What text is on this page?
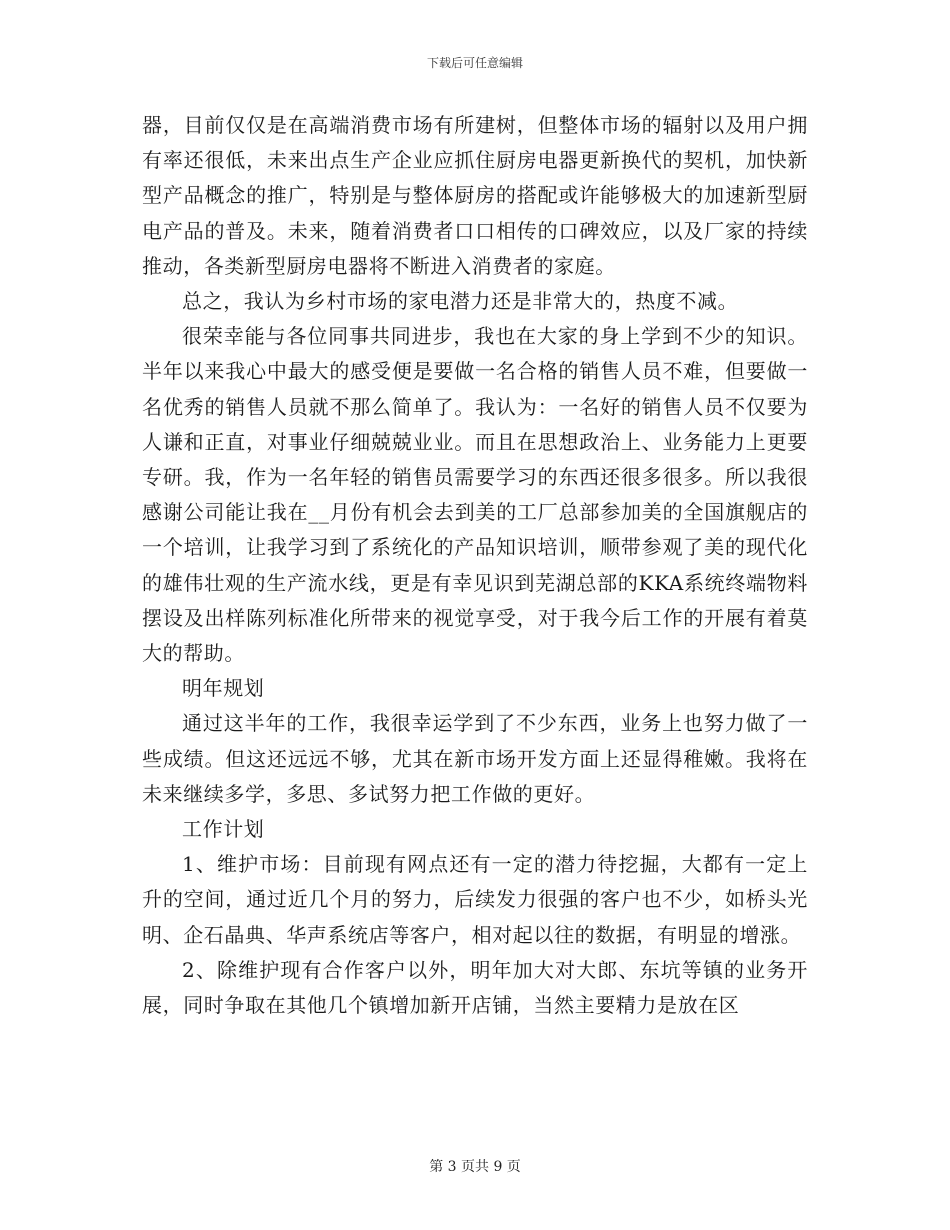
下载后可任意编辑

器，目前仅仅是在高端消费市场有所建树，但整体市场的辐射以及用户拥有率还很低，未来出点生产企业应抓住厨房电器更新换代的契机，加快新型产品概念的推广，特别是与整体厨房的搭配或许能够极大的加速新型厨电产品的普及。未来，随着消费者口口相传的口碑效应，以及厂家的持续推动，各类新型厨房电器将不断进入消费者的家庭。

总之，我认为乡村市场的家电潜力还是非常大的，热度不减。

很荣幸能与各位同事共同进步，我也在大家的身上学到不少的知识。半年以来我心中最大的感受便是要做一名合格的销售人员不难，但要做一名优秀的销售人员就不那么简单了。我认为：一名好的销售人员不仅要为人谦和正直，对事业仔细兢兢业业。而且在思想政治上、业务能力上更要专研。我，作为一名年轻的销售员需要学习的东西还很多很多。所以我很感谢公司能让我在__月份有机会去到美的工厂总部参加美的全国旗舰店的一个培训，让我学习到了系统化的产品知识培训，顺带参观了美的现代化的雄伟壮观的生产流水线，更是有幸见识到芜湖总部的KKA系统终端物料摆设及出样陈列标准化所带来的视觉享受，对于我今后工作的开展有着莫大的帮助。

明年规划

通过这半年的工作，我很幸运学到了不少东西，业务上也努力做了一些成绩。但这还远远不够，尤其在新市场开发方面上还显得稚嫩。我将在未来继续多学，多思、多试努力把工作做的更好。

工作计划

1、维护市场：目前现有网点还有一定的潜力待挖掘，大都有一定上升的空间，通过近几个月的努力，后续发力很强的客户也不少，如桥头光明、企石晶典、华声系统店等客户，相对起以往的数据，有明显的增涨。

2、除维护现有合作客户以外，明年加大对大郎、东坑等镇的业务开展，同时争取在其他几个镇增加新开店铺，当然主要精力是放在区

第 3 页共 9 页
